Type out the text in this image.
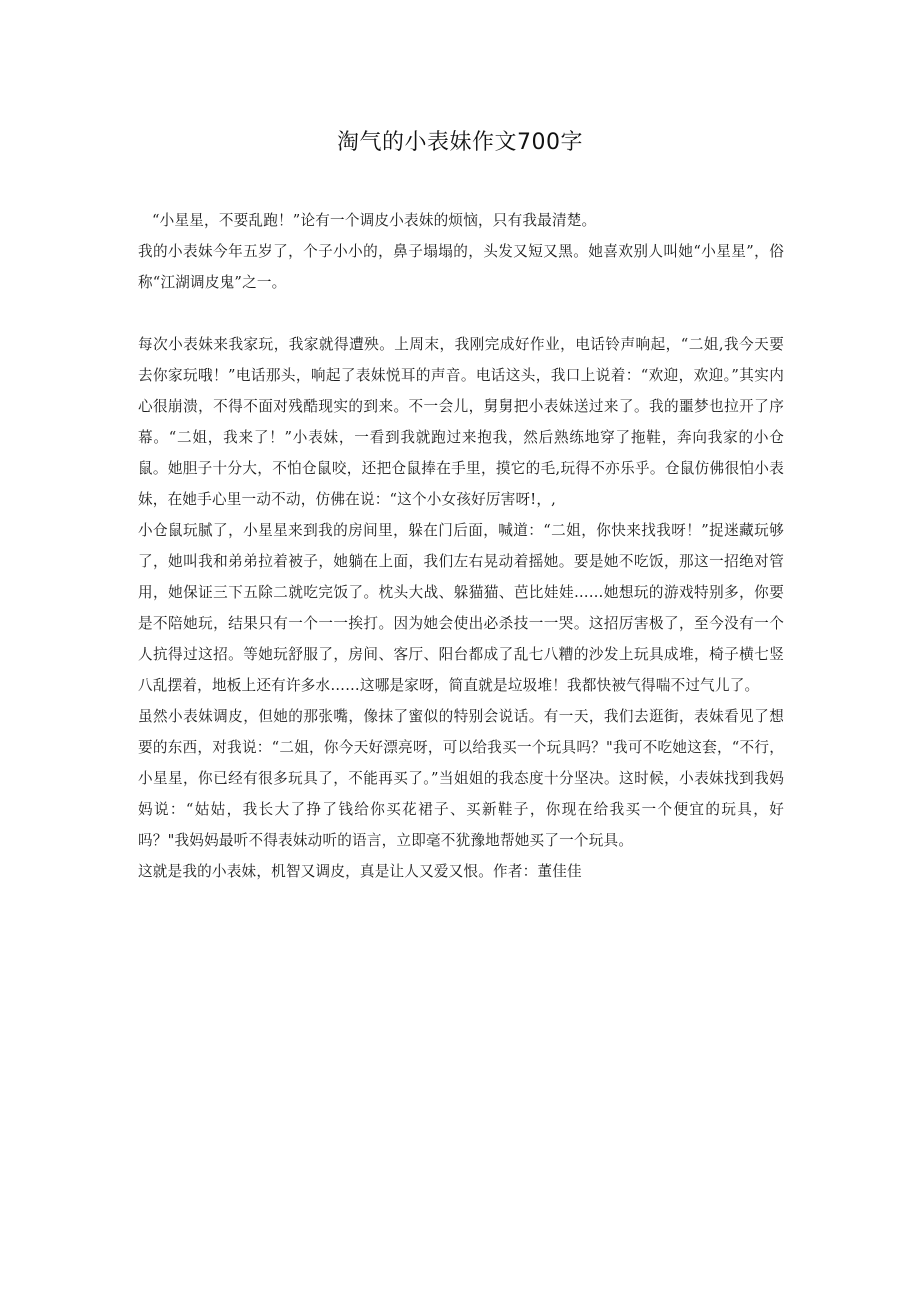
淘气的小表妹作文700字

“小星星，不要乱跑！”论有一个调皮小表妹的烦恼，只有我最清楚。

我的小表妹今年五岁了，个子小小的，鼻子塌塌的，头发又短又黑。她喜欢别人叫她“小星星”，俗称“江湖调皮鬼”之一。

每次小表妹来我家玩，我家就得遭殃。上周末，我刚完成好作业，电话铃声响起，“二姐,我今天要去你家玩哦！”电话那头，响起了表妹悦耳的声音。电话这头，我口上说着：“欢迎，欢迎。”其实内心很崩溃，不得不面对残酷现实的到来。不一会儿，舅舅把小表妹送过来了。我的噩梦也拉开了序幕。“二姐，我来了！”小表妹，一看到我就跑过来抱我，然后熟练地穿了拖鞋，奔向我家的小仓鼠。她胆子十分大，不怕仓鼠咬，还把仓鼠捧在手里，摸它的毛,玩得不亦乐乎。仓鼠仿佛很怕小表妹，在她手心里一动不动，仿佛在说：“这个小女孩好厉害呀!，,

小仓鼠玩腻了，小星星来到我的房间里，躲在门后面，喊道：“二姐，你快来找我呀！”捉迷藏玩够了，她叫我和弟弟拉着被子，她躺在上面，我们左右晃动着摇她。要是她不吃饭，那这一招绝对管用，她保证三下五除二就吃完饭了。枕头大战、躲猫猫、芭比娃娃……她想玩的游戏特别多，你要是不陪她玩，结果只有一个一一挨打。因为她会使出必杀技一一哭。这招厉害极了，至今没有一个人抗得过这招。等她玩舒服了，房间、客厅、阳台都成了乱七八糟的沙发上玩具成堆，椅子横七竖八乱摆着，地板上还有许多水……这哪是家呀，简直就是垃圾堆！我都快被气得喘不过气儿了。

虽然小表妹调皮，但她的那张嘴，像抹了蜜似的特别会说话。有一天，我们去逛街，表妹看见了想要的东西，对我说：“二姐，你今天好漂亮呀，可以给我买一个玩具吗？"我可不吃她这套，“不行，小星星，你已经有很多玩具了，不能再买了。”当姐姐的我态度十分坚决。这时候，小表妹找到我妈妈说：“姑姑，我长大了挣了钱给你买花裙子、买新鞋子，你现在给我买一个便宜的玩具，好吗？"我妈妈最听不得表妹动听的语言，立即毫不犹豫地帮她买了一个玩具。

这就是我的小表妹，机智又调皮，真是让人又爱又恨。作者：董佳佳
